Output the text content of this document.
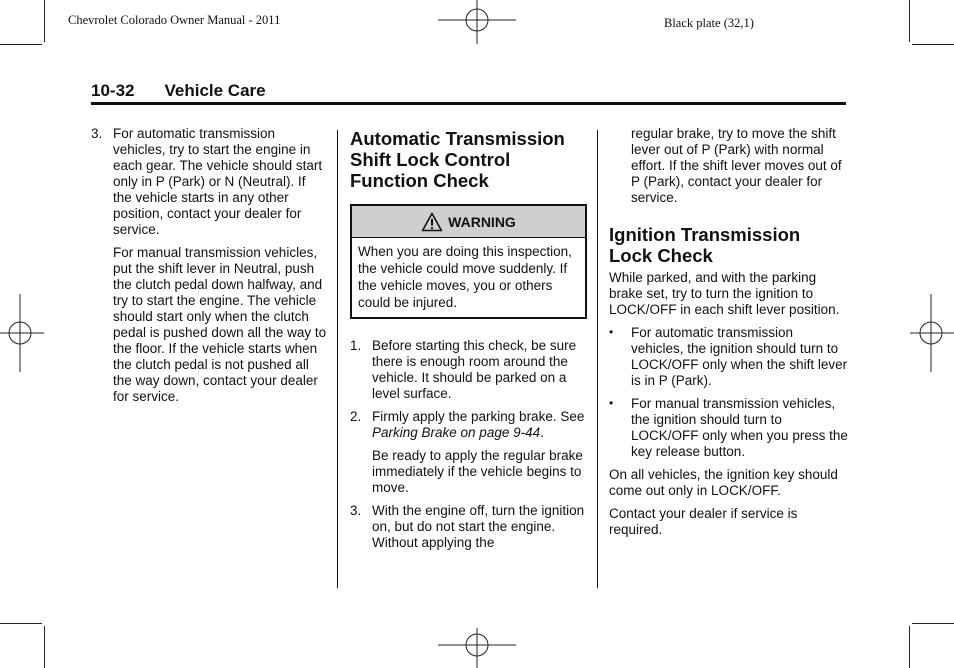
Chevrolet Colorado Owner Manual - 2011	Black plate (32,1)
10-32 Vehicle Care
3. For automatic transmission vehicles, try to start the engine in each gear. The vehicle should start only in P (Park) or N (Neutral). If the vehicle starts in any other position, contact your dealer for service.

For manual transmission vehicles, put the shift lever in Neutral, push the clutch pedal down halfway, and try to start the engine. The vehicle should start only when the clutch pedal is pushed down all the way to the floor. If the vehicle starts when the clutch pedal is not pushed all the way down, contact your dealer for service.

Automatic Transmission Shift Lock Control Function Check
WARNING
When you are doing this inspection, the vehicle could move suddenly. If the vehicle moves, you or others could be injured.
1. Before starting this check, be sure there is enough room around the vehicle. It should be parked on a level surface.

2. Firmly apply the parking brake. See Parking Brake on page 9-44.

Be ready to apply the regular brake immediately if the vehicle begins to move.

3. With the engine off, turn the ignition on, but do not start the engine. Without applying the

regular brake, try to move the shift lever out of P (Park) with normal effort. If the shift lever moves out of P (Park), contact your dealer for service.

Ignition Transmission Lock Check

While parked, and with the parking brake set, try to turn the ignition to LOCK/OFF in each shift lever position.

• For automatic transmission vehicles, the ignition should turn to LOCK/OFF only when the shift lever is in P (Park).

• For manual transmission vehicles, the ignition should turn to LOCK/OFF only when you press the key release button.

On all vehicles, the ignition key should come out only in LOCK/OFF.

Contact your dealer if service is required.
